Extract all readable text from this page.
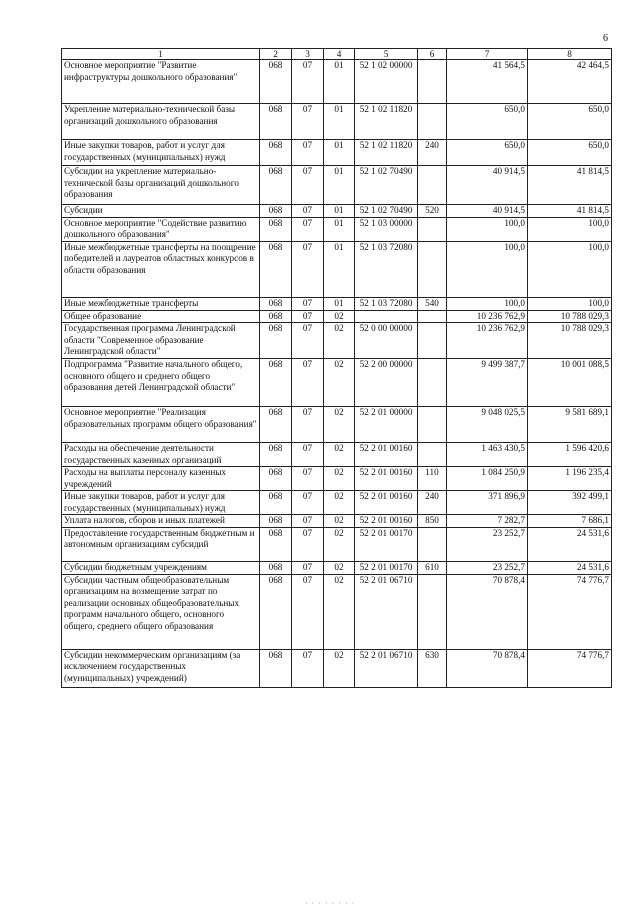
6
1	2	3	4	5	6	7	8
Основное мероприятие "Развитие инфраструктуры дошкольного образования"	068	07	01	52 1 02 00000		41 564,5	42 464,5
Укрепление материально-технической базы организаций дошкольного образования	068	07	01	52 1 02 11820		650,0	650,0
Иные закупки товаров, работ и услуг для государственных (муниципальных) нужд	068	07	01	52 1 02 11820	240	650,0	650,0
Субсидии на укрепление материально-технической базы организаций дошкольного образования	068	07	01	52 1 02 70490		40 914,5	41 814,5
Субсидии	068	07	01	52 1 02 70490	520	40 914,5	41 814,5
Основное мероприятие "Содействие развитию дошкольного образования"	068	07	01	52 1 03 00000		100,0	100,0
Иные межбюджетные трансферты на поощрение победителей и лауреатов областных конкурсов в области образования	068	07	01	52 1 03 72080		100,0	100,0
Иные межбюджетные трансферты	068	07	01	52 1 03 72080	540	100,0	100,0
Общее образование	068	07	02			10 236 762,9	10 788 029,3
Государственная программа Ленинградской области "Современное образование Ленинградской области"	068	07	02	52 0 00 00000		10 236 762,9	10 788 029,3
Подпрограмма "Развитие начального общего, основного общего и среднего общего образования детей Ленинградской области"	068	07	02	52 2 00 00000		9 499 387,7	10 001 088,5
Основное мероприятие "Реализация образовательных программ общего образования"	068	07	02	52 2 01 00000		9 048 025,5	9 581 689,1
Расходы на обеспечение деятельности государственных казенных организаций	068	07	02	52 2 01 00160		1 463 430,5	1 596 420,6
Расходы на выплаты персоналу казенных учреждений	068	07	02	52 2 01 00160	110	1 084 250,9	1 196 235,4
Иные закупки товаров, работ и услуг для государственных (муниципальных) нужд	068	07	02	52 2 01 00160	240	371 896,9	392 499,1
Уплата налогов, сборов и иных платежей	068	07	02	52 2 01 00160	850	7 282,7	7 686,1
Предоставление государственным бюджетным и автономным организациям субсидий	068	07	02	52 2 01 00170		23 252,7	24 531,6
Субсидии бюджетным учреждениям	068	07	02	52 2 01 00170	610	23 252,7	24 531,6
Субсидии частным общеобразовательным организациям на возмещение затрат по реализации основных общеобразовательных программ начального общего, основного общего, среднего общего образования	068	07	02	52 2 01 06710		70 878,4	74 776,7
Субсидии некоммерческим организациям (за исключением государственных (муниципальных) учреждений)	068	07	02	52 2 01 06710	630	70 878,4	74 776,7
· · · · · · · ·
